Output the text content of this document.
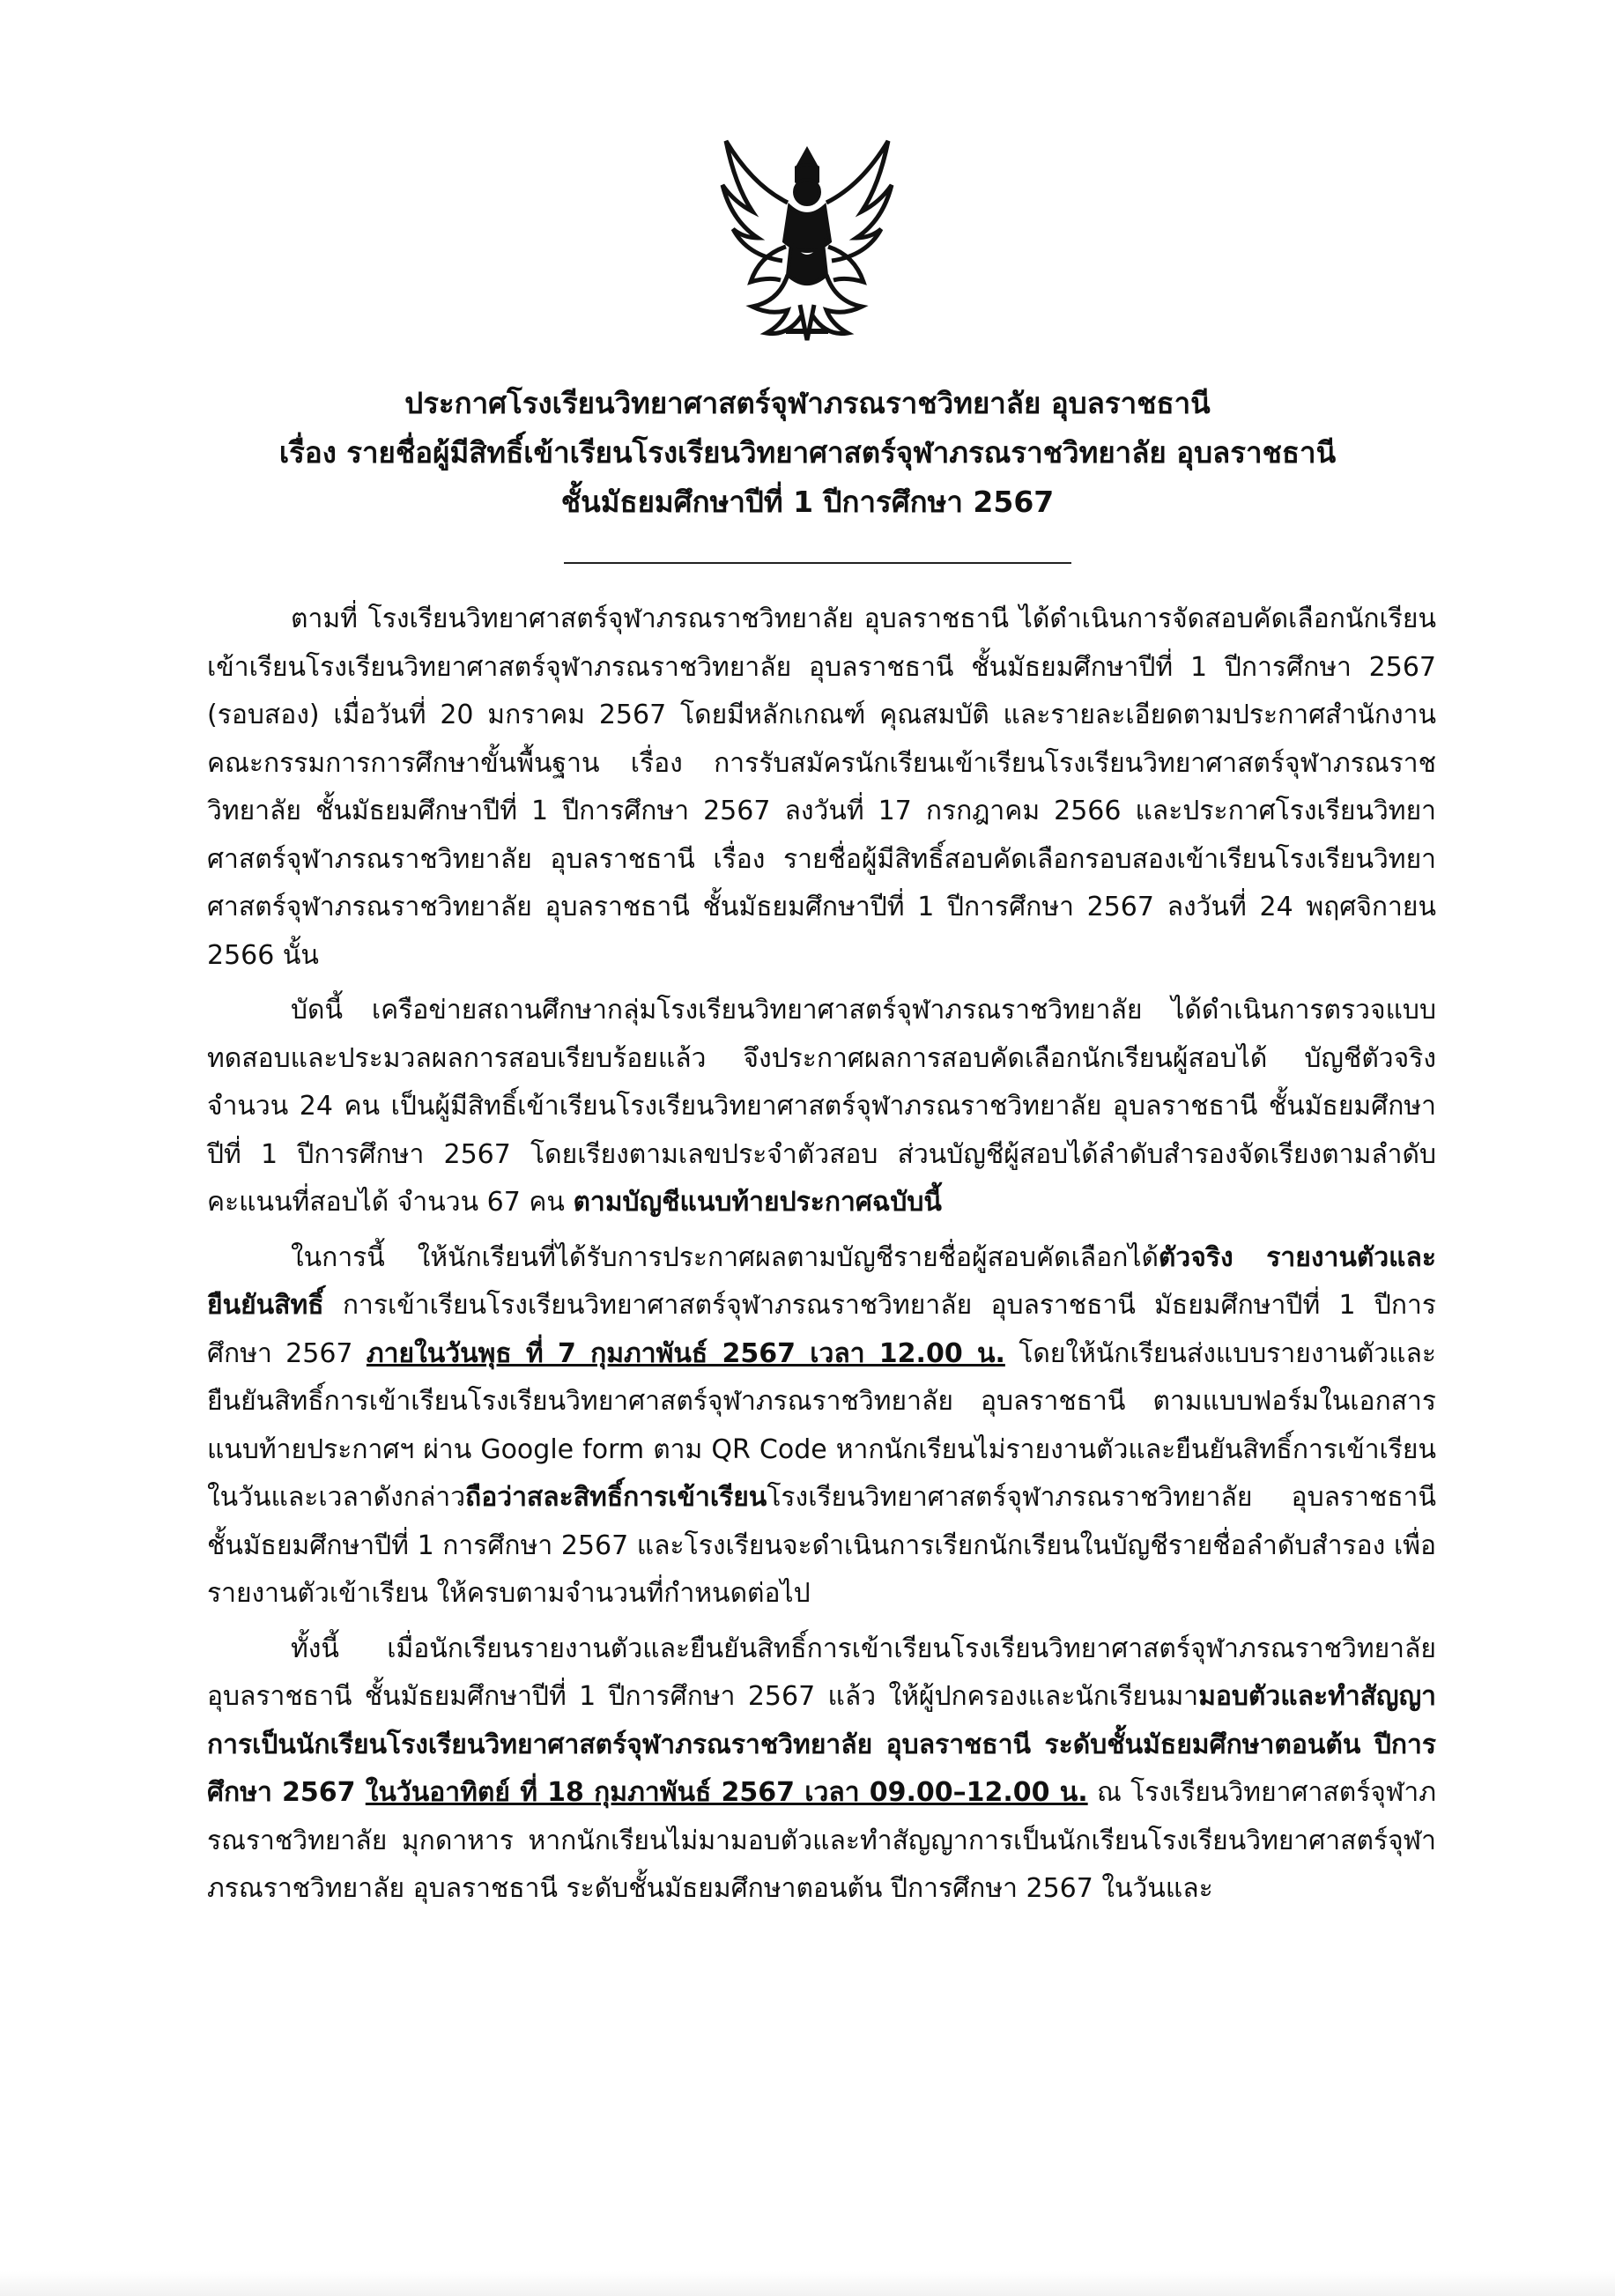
ประกาศโรงเรียนวิทยาศาสตร์จุฬาภรณราชวิทยาลัย อุบลราชธานี
เรื่อง รายชื่อผู้มีสิทธิ์เข้าเรียนโรงเรียนวิทยาศาสตร์จุฬาภรณราชวิทยาลัย อุบลราชธานี
ชั้นมัธยมศึกษาปีที่ 1 ปีการศึกษา 2567

ตามที่ โรงเรียนวิทยาศาสตร์จุฬาภรณราชวิทยาลัย อุบลราชธานี ได้ดำเนินการจัดสอบคัดเลือกนักเรียน เข้าเรียนโรงเรียนวิทยาศาสตร์จุฬาภรณราชวิทยาลัย อุบลราชธานี ชั้นมัธยมศึกษาปีที่ 1 ปีการศึกษา 2567 (รอบสอง) เมื่อวันที่ 20 มกราคม 2567 โดยมีหลักเกณฑ์ คุณสมบัติ และรายละเอียดตามประกาศสำนักงานคณะกรรมการการศึกษาขั้นพื้นฐาน เรื่อง การรับสมัครนักเรียนเข้าเรียนโรงเรียนวิทยาศาสตร์จุฬาภรณราชวิทยาลัย ชั้นมัธยมศึกษาปีที่ 1 ปีการศึกษา 2567 ลงวันที่ 17 กรกฎาคม 2566 และประกาศโรงเรียนวิทยาศาสตร์จุฬาภรณราชวิทยาลัย อุบลราชธานี เรื่อง รายชื่อผู้มีสิทธิ์สอบคัดเลือกรอบสองเข้าเรียนโรงเรียนวิทยาศาสตร์จุฬาภรณราชวิทยาลัย อุบลราชธานี ชั้นมัธยมศึกษาปีที่ 1 ปีการศึกษา 2567 ลงวันที่ 24 พฤศจิกายน 2566 นั้น

บัดนี้ เครือข่ายสถานศึกษากลุ่มโรงเรียนวิทยาศาสตร์จุฬาภรณราชวิทยาลัย ได้ดำเนินการตรวจแบบทดสอบและประมวลผลการสอบเรียบร้อยแล้ว จึงประกาศผลการสอบคัดเลือกนักเรียนผู้สอบได้ บัญชีตัวจริง จำนวน 24 คน เป็นผู้มีสิทธิ์เข้าเรียนโรงเรียนวิทยาศาสตร์จุฬาภรณราชวิทยาลัย อุบลราชธานี ชั้นมัธยมศึกษาปีที่ 1 ปีการศึกษา 2567 โดยเรียงตามเลขประจำตัวสอบ ส่วนบัญชีผู้สอบได้ลำดับสำรองจัดเรียงตามลำดับคะแนนที่สอบได้ จำนวน 67 คน ตามบัญชีแนบท้ายประกาศฉบับนี้

ในการนี้ ให้นักเรียนที่ได้รับการประกาศผลตามบัญชีรายชื่อผู้สอบคัดเลือกได้ตัวจริง รายงานตัวและยืนยันสิทธิ์ การเข้าเรียนโรงเรียนวิทยาศาสตร์จุฬาภรณราชวิทยาลัย อุบลราชธานี มัธยมศึกษาปีที่ 1 ปีการศึกษา 2567 ภายในวันพุธ ที่ 7 กุมภาพันธ์ 2567 เวลา 12.00 น. โดยให้นักเรียนส่งแบบรายงานตัวและยืนยันสิทธิ์การเข้าเรียนโรงเรียนวิทยาศาสตร์จุฬาภรณราชวิทยาลัย อุบลราชธานี ตามแบบฟอร์มในเอกสารแนบท้ายประกาศฯ ผ่าน Google form ตาม QR Code หากนักเรียนไม่รายงานตัวและยืนยันสิทธิ์การเข้าเรียนในวันและเวลาดังกล่าวถือว่าสละสิทธิ์การเข้าเรียนโรงเรียนวิทยาศาสตร์จุฬาภรณราชวิทยาลัย อุบลราชธานี ชั้นมัธยมศึกษาปีที่ 1 การศึกษา 2567 และโรงเรียนจะดำเนินการเรียกนักเรียนในบัญชีรายชื่อลำดับสำรอง เพื่อรายงานตัวเข้าเรียน ให้ครบตามจำนวนที่กำหนดต่อไป

ทั้งนี้ เมื่อนักเรียนรายงานตัวและยืนยันสิทธิ์การเข้าเรียนโรงเรียนวิทยาศาสตร์จุฬาภรณราชวิทยาลัย อุบลราชธานี ชั้นมัธยมศึกษาปีที่ 1 ปีการศึกษา 2567 แล้ว ให้ผู้ปกครองและนักเรียนมามอบตัวและทำสัญญาการเป็นนักเรียนโรงเรียนวิทยาศาสตร์จุฬาภรณราชวิทยาลัย อุบลราชธานี ระดับชั้นมัธยมศึกษาตอนต้น ปีการศึกษา 2567 ในวันอาทิตย์ ที่ 18 กุมภาพันธ์ 2567 เวลา 09.00–12.00 น. ณ โรงเรียนวิทยาศาสตร์จุฬาภรณราชวิทยาลัย มุกดาหาร หากนักเรียนไม่มามอบตัวและทำสัญญาการเป็นนักเรียนโรงเรียนวิทยาศาสตร์จุฬาภรณราชวิทยาลัย อุบลราชธานี ระดับชั้นมัธยมศึกษาตอนต้น ปีการศึกษา 2567 ในวันและ
